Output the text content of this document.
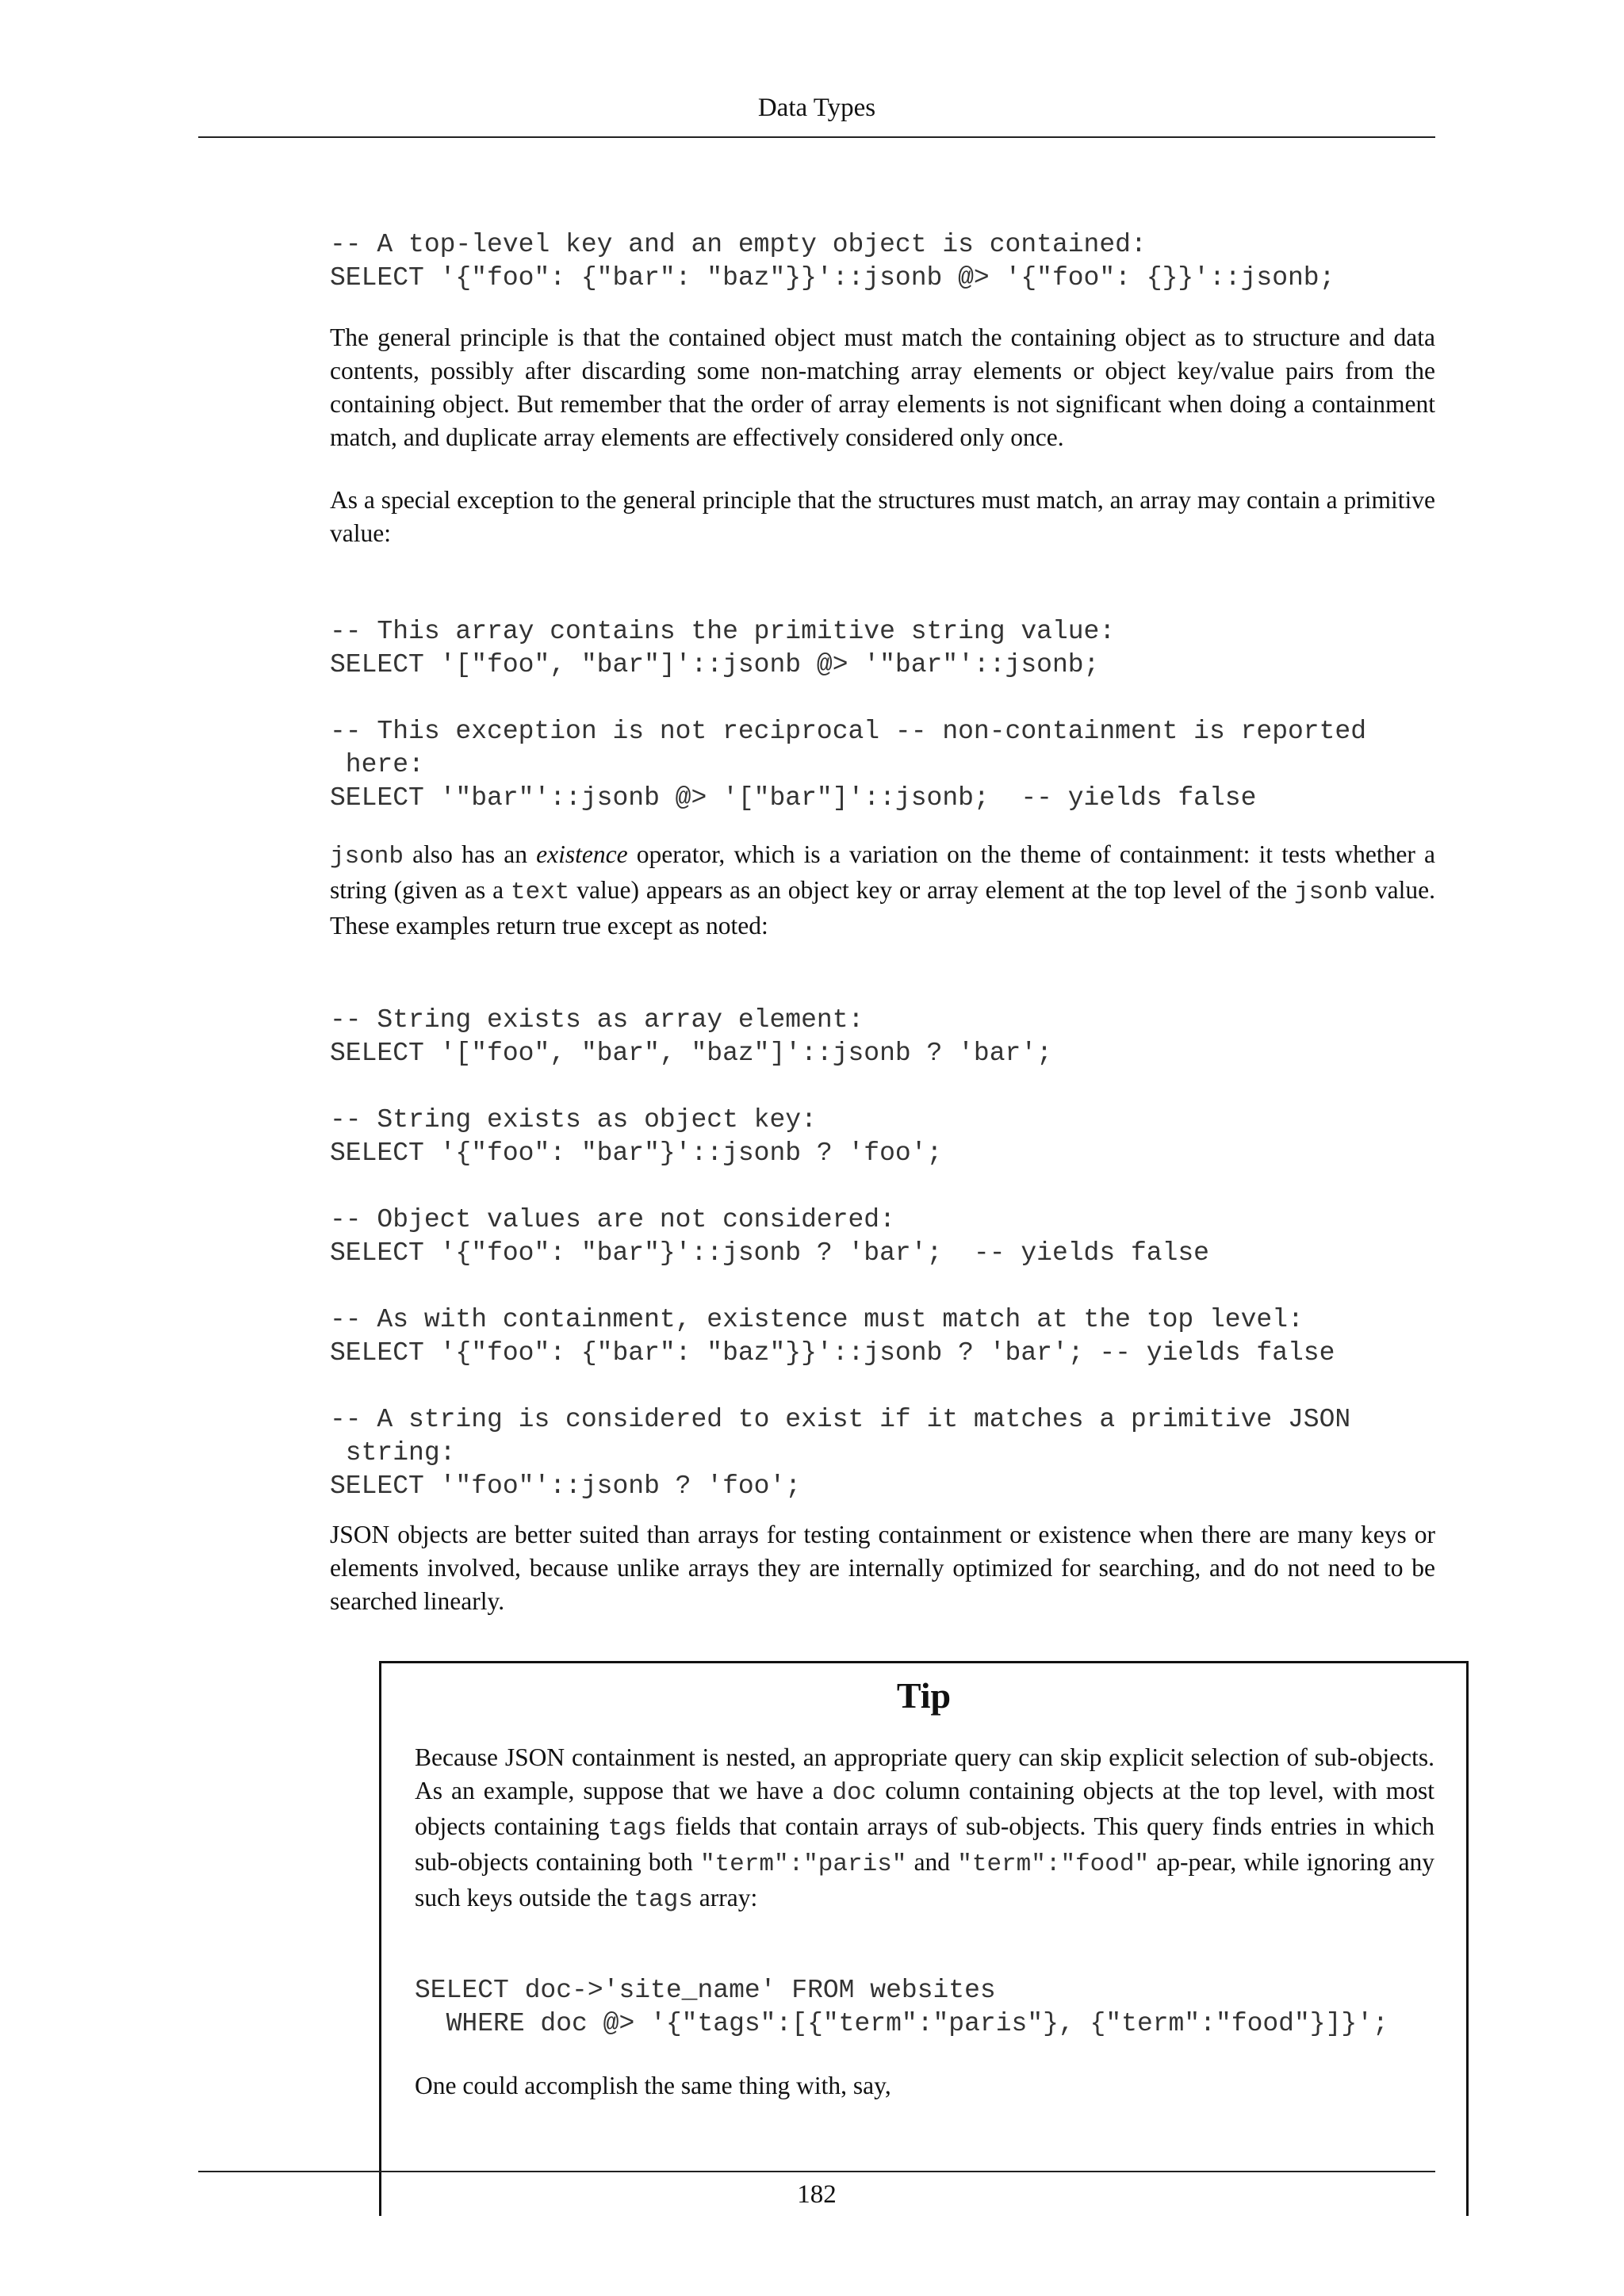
Data Types
-- A top-level key and an empty object is contained:
SELECT '{"foo": {"bar": "baz"}}'::jsonb @> '{"foo": {}}'::jsonb;

The general principle is that the contained object must match the containing object as to structure and data contents, possibly after discarding some non-matching array elements or object key/value pairs from the containing object. But remember that the order of array elements is not significant when doing a containment match, and duplicate array elements are effectively considered only once.

As a special exception to the general principle that the structures must match, an array may contain a primitive value:

-- This array contains the primitive string value:
SELECT '["foo", "bar"]'::jsonb @> '"bar"'::jsonb;

-- This exception is not reciprocal -- non-containment is reported
here:
SELECT '"bar"'::jsonb @> '["bar"]'::jsonb;  -- yields false

jsonb also has an existence operator, which is a variation on the theme of containment: it tests whether a string (given as a text value) appears as an object key or array element at the top level of the jsonb value. These examples return true except as noted:

-- String exists as array element:
SELECT '["foo", "bar", "baz"]'::jsonb ? 'bar';

-- String exists as object key:
SELECT '{"foo": "bar"}'::jsonb ? 'foo';

-- Object values are not considered:
SELECT '{"foo": "bar"}'::jsonb ? 'bar';  -- yields false

-- As with containment, existence must match at the top level:
SELECT '{"foo": {"bar": "baz"}}'::jsonb ? 'bar'; -- yields false

-- A string is considered to exist if it matches a primitive JSON
string:
SELECT '"foo"'::jsonb ? 'foo';

JSON objects are better suited than arrays for testing containment or existence when there are many keys or elements involved, because unlike arrays they are internally optimized for searching, and do not need to be searched linearly.

Tip

Because JSON containment is nested, an appropriate query can skip explicit selection of sub-objects. As an example, suppose that we have a doc column containing objects at the top level, with most objects containing tags fields that contain arrays of sub-objects. This query finds entries in which sub-objects containing both "term":"paris" and "term":"food" ap-pear, while ignoring any such keys outside the tags array:

SELECT doc->'site_name' FROM websites
WHERE doc @> '{"tags":[{"term":"paris"}, {"term":"food"}]}';

One could accomplish the same thing with, say,

182
